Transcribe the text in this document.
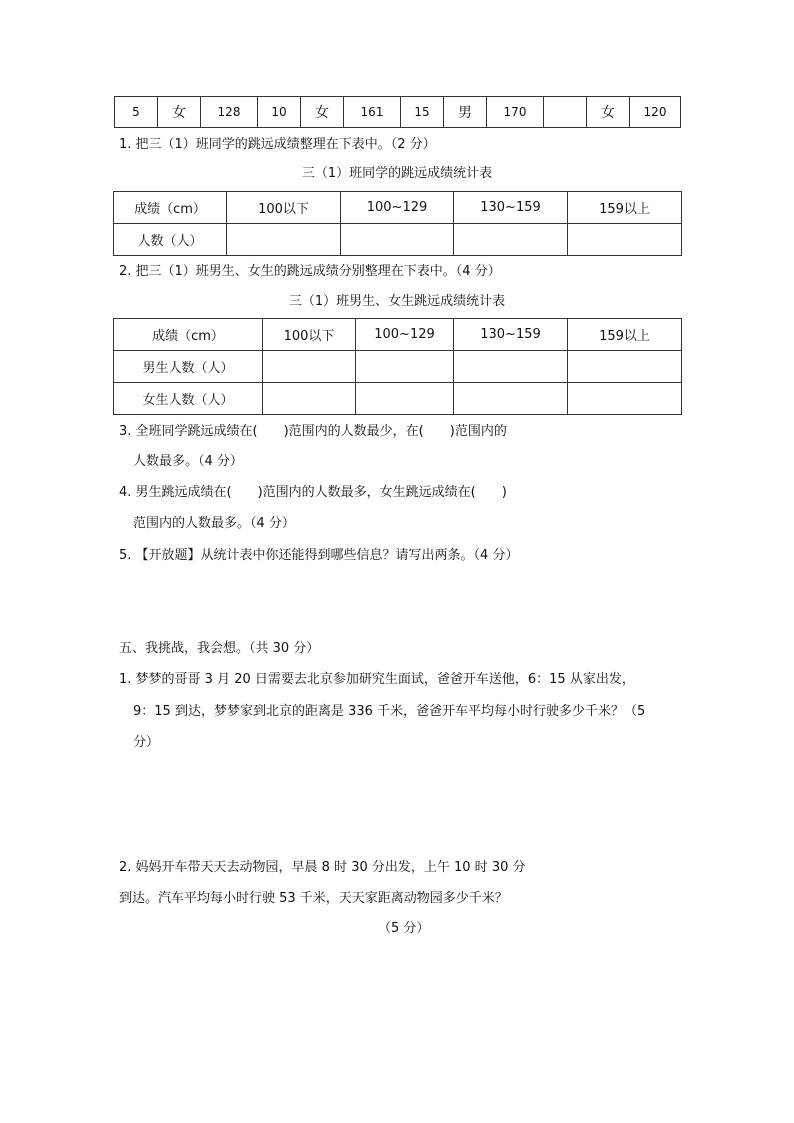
5	女	128	10	女	161	15	男	170		女	120
1. 把三（1）班同学的跳远成绩整理在下表中。（2 分）
三（1）班同学的跳远成绩统计表
成绩（cm）	100以下	100~129	130~159	159以上
人数（人）				
2. 把三（1）班男生、女生的跳远成绩分别整理在下表中。（4 分）
三（1）班男生、女生跳远成绩统计表
成绩（cm）	100以下	100~129	130~159	159以上
男生人数（人）				
女生人数（人）				
3. 全班同学跳远成绩在(　　)范围内的人数最少，在(　　)范围内的
人数最多。（4 分）
4. 男生跳远成绩在(　　)范围内的人数最多，女生跳远成绩在(　　)
范围内的人数最多。（4 分）
5. 【开放题】从统计表中你还能得到哪些信息？请写出两条。（4 分）
五、我挑战，我会想。（共 30 分）
1. 梦梦的哥哥 3 月 20 日需要去北京参加研究生面试，爸爸开车送他，6：15 从家出发，
9：15 到达，梦梦家到北京的距离是 336 千米，爸爸开车平均每小时行驶多少千米？（5
分）
2. 妈妈开车带天天去动物园，早晨 8 时 30 分出发，上午 10 时 30 分
到达。汽车平均每小时行驶 53 千米，天天家距离动物园多少千米？
（5 分）
